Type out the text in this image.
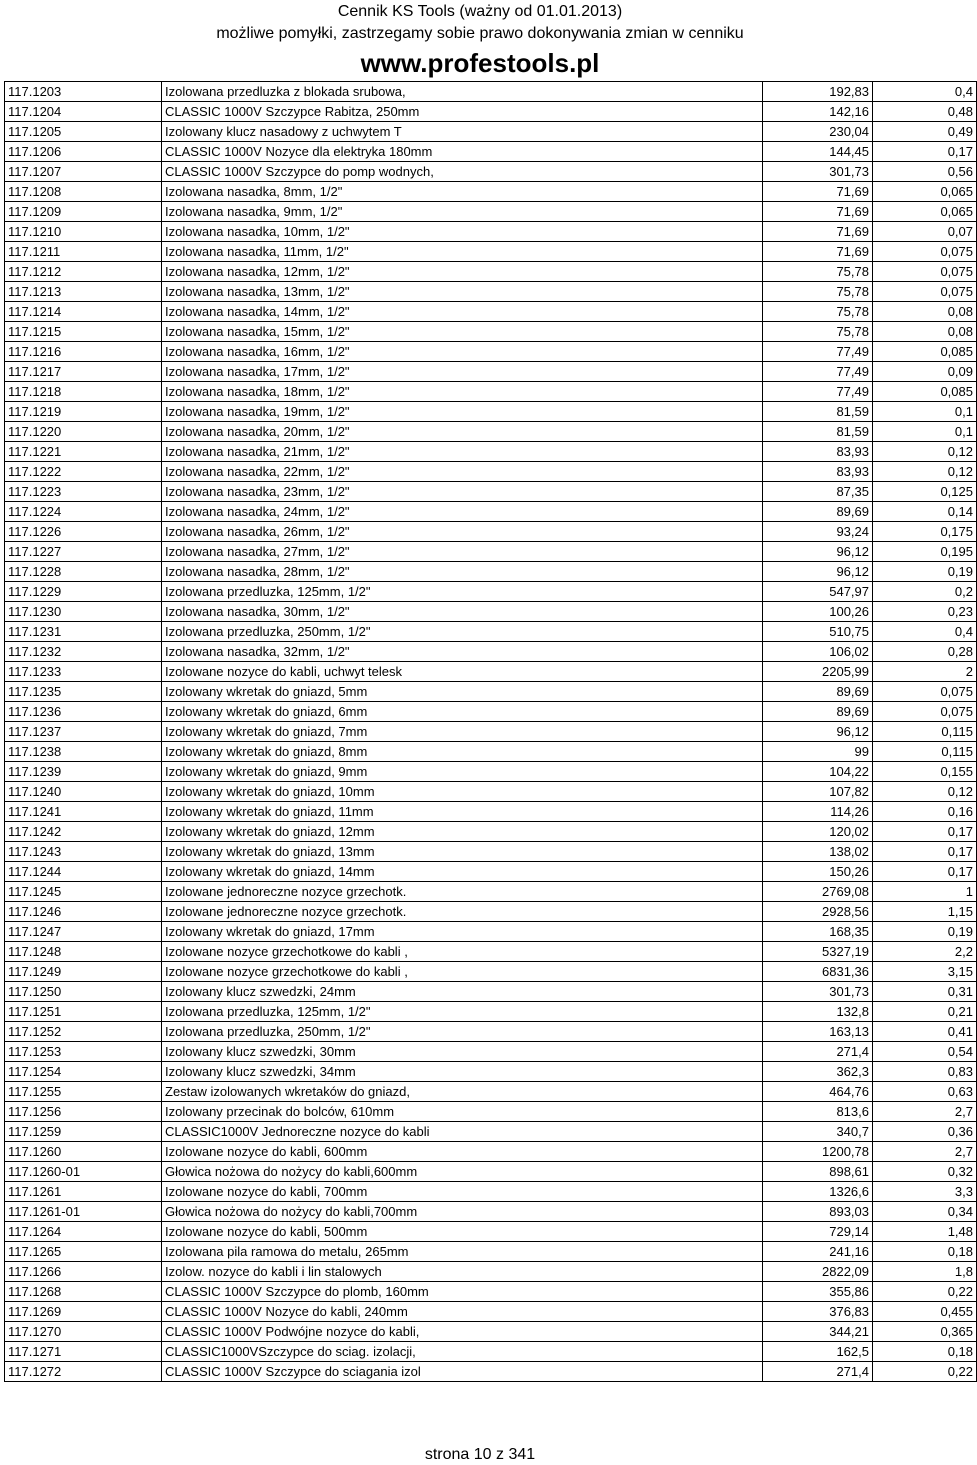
Cennik KS Tools (ważny od 01.01.2013)
możliwe pomyłki, zastrzegamy sobie prawo dokonywania zmian w cenniku
www.profestools.pl
117.1203	Izolowana przedluzka z blokada srubowa,	192,83	0,4
117.1204	CLASSIC 1000V Szczypce Rabitza, 250mm	142,16	0,48
117.1205	Izolowany klucz nasadowy z uchwytem T	230,04	0,49
117.1206	CLASSIC 1000V Nozyce dla elektryka 180mm	144,45	0,17
117.1207	CLASSIC 1000V Szczypce do pomp wodnych,	301,73	0,56
117.1208	Izolowana nasadka, 8mm, 1/2"	71,69	0,065
117.1209	Izolowana nasadka, 9mm, 1/2"	71,69	0,065
117.1210	Izolowana nasadka, 10mm, 1/2"	71,69	0,07
117.1211	Izolowana nasadka, 11mm, 1/2"	71,69	0,075
117.1212	Izolowana nasadka, 12mm, 1/2"	75,78	0,075
117.1213	Izolowana nasadka, 13mm, 1/2"	75,78	0,075
117.1214	Izolowana nasadka, 14mm, 1/2"	75,78	0,08
117.1215	Izolowana nasadka, 15mm, 1/2"	75,78	0,08
117.1216	Izolowana nasadka, 16mm, 1/2"	77,49	0,085
117.1217	Izolowana nasadka, 17mm, 1/2"	77,49	0,09
117.1218	Izolowana nasadka, 18mm, 1/2"	77,49	0,085
117.1219	Izolowana nasadka, 19mm, 1/2"	81,59	0,1
117.1220	Izolowana nasadka, 20mm, 1/2"	81,59	0,1
117.1221	Izolowana nasadka, 21mm, 1/2"	83,93	0,12
117.1222	Izolowana nasadka, 22mm, 1/2"	83,93	0,12
117.1223	Izolowana nasadka, 23mm, 1/2"	87,35	0,125
117.1224	Izolowana nasadka, 24mm, 1/2"	89,69	0,14
117.1226	Izolowana nasadka, 26mm, 1/2"	93,24	0,175
117.1227	Izolowana nasadka, 27mm, 1/2"	96,12	0,195
117.1228	Izolowana nasadka, 28mm, 1/2"	96,12	0,19
117.1229	Izolowana przedluzka, 125mm, 1/2"	547,97	0,2
117.1230	Izolowana nasadka, 30mm, 1/2"	100,26	0,23
117.1231	Izolowana przedluzka, 250mm, 1/2"	510,75	0,4
117.1232	Izolowana nasadka, 32mm, 1/2"	106,02	0,28
117.1233	Izolowane nozyce do kabli, uchwyt telesk	2205,99	2
117.1235	Izolowany wkretak do gniazd, 5mm	89,69	0,075
117.1236	Izolowany wkretak do gniazd, 6mm	89,69	0,075
117.1237	Izolowany wkretak do gniazd, 7mm	96,12	0,115
117.1238	Izolowany wkretak do gniazd, 8mm	99	0,115
117.1239	Izolowany wkretak do gniazd, 9mm	104,22	0,155
117.1240	Izolowany wkretak do gniazd, 10mm	107,82	0,12
117.1241	Izolowany wkretak do gniazd, 11mm	114,26	0,16
117.1242	Izolowany wkretak do gniazd, 12mm	120,02	0,17
117.1243	Izolowany wkretak do gniazd, 13mm	138,02	0,17
117.1244	Izolowany wkretak do gniazd, 14mm	150,26	0,17
117.1245	Izolowane jednoreczne nozyce grzechotk.	2769,08	1
117.1246	Izolowane jednoreczne nozyce grzechotk.	2928,56	1,15
117.1247	Izolowany wkretak do gniazd, 17mm	168,35	0,19
117.1248	Izolowane nozyce grzechotkowe do kabli ,	5327,19	2,2
117.1249	Izolowane nozyce grzechotkowe do kabli ,	6831,36	3,15
117.1250	Izolowany klucz szwedzki, 24mm	301,73	0,31
117.1251	Izolowana przedluzka, 125mm, 1/2"	132,8	0,21
117.1252	Izolowana przedluzka, 250mm, 1/2"	163,13	0,41
117.1253	Izolowany klucz szwedzki, 30mm	271,4	0,54
117.1254	Izolowany klucz szwedzki, 34mm	362,3	0,83
117.1255	Zestaw izolowanych wkretaków do gniazd,	464,76	0,63
117.1256	Izolowany przecinak do bolców, 610mm	813,6	2,7
117.1259	CLASSIC1000V Jednoreczne nozyce do kabli	340,7	0,36
117.1260	Izolowane nozyce do kabli, 600mm	1200,78	2,7
117.1260-01	Głowica nożowa do nożycy do kabli,600mm	898,61	0,32
117.1261	Izolowane nozyce do kabli, 700mm	1326,6	3,3
117.1261-01	Głowica nożowa do nożycy do kabli,700mm	893,03	0,34
117.1264	Izolowane nozyce do kabli, 500mm	729,14	1,48
117.1265	Izolowana pila ramowa do metalu, 265mm	241,16	0,18
117.1266	Izolow. nozyce do kabli i lin stalowych	2822,09	1,8
117.1268	CLASSIC 1000V Szczypce do plomb, 160mm	355,86	0,22
117.1269	CLASSIC 1000V Nozyce do kabli, 240mm	376,83	0,455
117.1270	CLASSIC 1000V Podwójne nozyce do kabli,	344,21	0,365
117.1271	CLASSIC1000VSzczypce do sciag. izolacji,	162,5	0,18
117.1272	CLASSIC 1000V Szczypce do sciagania izol	271,4	0,22
strona 10 z 341
